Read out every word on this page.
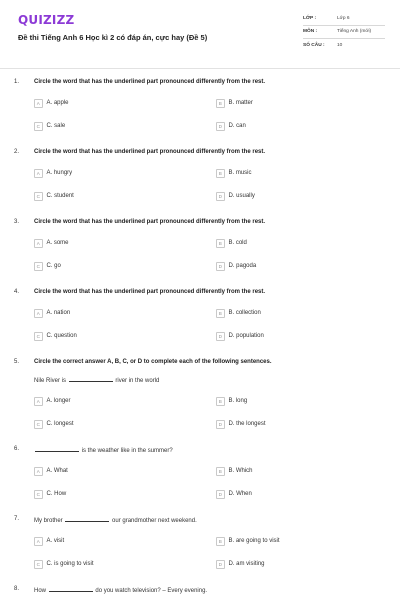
QUIZIZZ
Đề thi Tiếng Anh 6 Học kì 2 có đáp án, cực hay (Đề 5)
LỚP :	Lớp 6
MÔN :	Tiếng Anh (mới)
SỐ CÂU :	10
1. Circle the word that has the underlined part pronounced differently from the rest.
A	A. apple	B	B. matter
C	C. sale	D	D. can
2. Circle the word that has the underlined part pronounced differently from the rest.
A	A. hungry	B	B. music
C	C. student	D	D. usually
3. Circle the word that has the underlined part pronounced differently from the rest.
A	A. some	B	B. cold
C	C. go	D	D. pagoda
4. Circle the word that has the underlined part pronounced differently from the rest.
A	A. nation	B	B. collection
C	C. question	D	D. population
5. Circle the correct answer A, B, C, or D to complete each of the following sentences.
Nile River is	river in the world
A	A. longer	B	B. long
C	C. longest	D	D. the longest
6.	is the weather like in the summer?
A	A. What	B	B. Which
C	C. How	D	D. When
7. My brother	our grandmother next weekend.
A	A. visit	B	B. are going to visit
C	C. is going to visit	D	D. am visiting
8. How	do you watch television? – Every evening.
